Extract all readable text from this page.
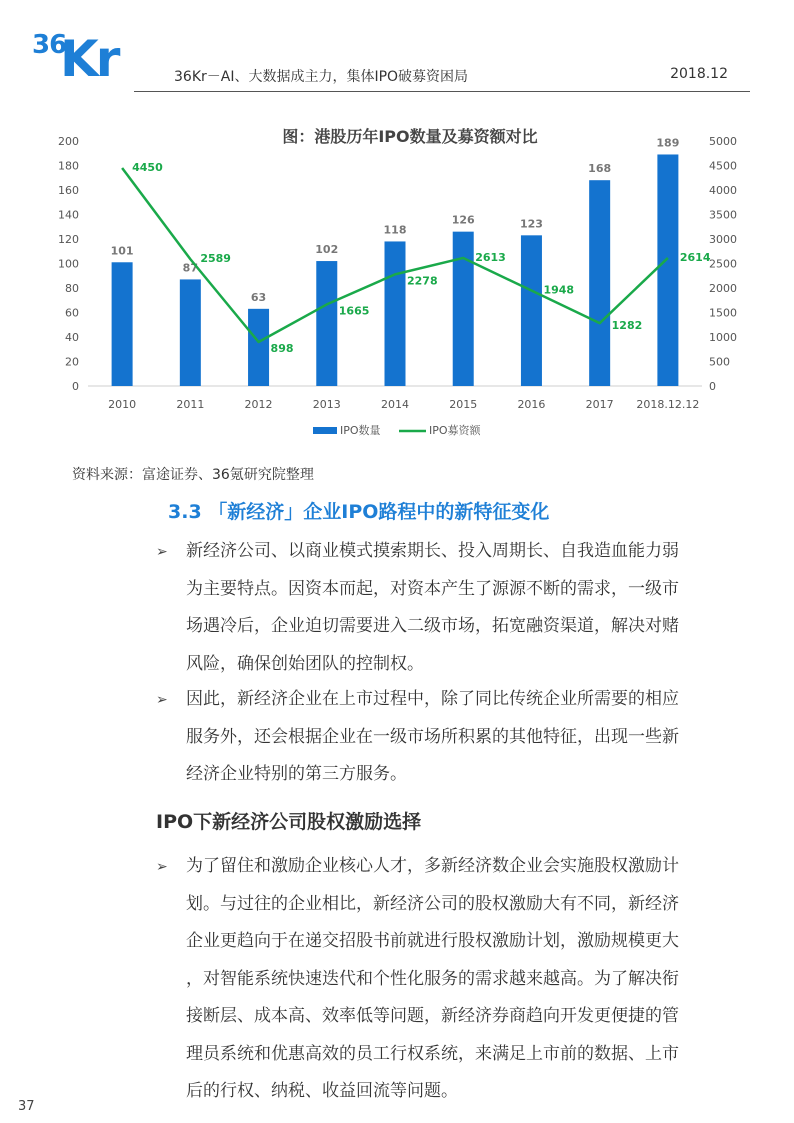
36
Kr	36Kr－AI、大数据成主力，集体IPO破募资困局	2018.12
图：港股历年IPO数量及募资额对比
0
20
40
60
80
100
120
140
160
180
200
0
500
1000
1500
2000
2500
3000
3500
4000
4500
5000
101
87
63
102
118
126	123
168
189
2010	2011	2012	2013	2014	2015	2016	2017 2018.12.12
4450
2589
898
1665
2278
2613
1948
1282
2614
IPO数量	IPO募资额
资料来源：富途证券、36氪研究院整理
3.3 「新经济」企业IPO路程中的新特征变化
➢ 新经济公司、以商业模式摸索期长、投入周期长、自我造血能力弱
为主要特点。因资本而起，对资本产生了源源不断的需求，一级市
场遇冷后，企业迫切需要进入二级市场，拓宽融资渠道，解决对赌
风险，确保创始团队的控制权。
➢ 因此，新经济企业在上市过程中，除了同比传统企业所需要的相应
服务外，还会根据企业在一级市场所积累的其他特征，出现一些新
经济企业特别的第三方服务。
IPO下新经济公司股权激励选择
➢ 为了留住和激励企业核心人才，多新经济数企业会实施股权激励计
划。与过往的企业相比，新经济公司的股权激励大有不同，新经济
企业更趋向于在递交招股书前就进行股权激励计划，激励规模更大
，对智能系统快速迭代和个性化服务的需求越来越高。为了解决衔
接断层、成本高、效率低等问题，新经济券商趋向开发更便捷的管
理员系统和优惠高效的员工行权系统，来满足上市前的数据、上市
后的行权、纳税、收益回流等问题。
37
